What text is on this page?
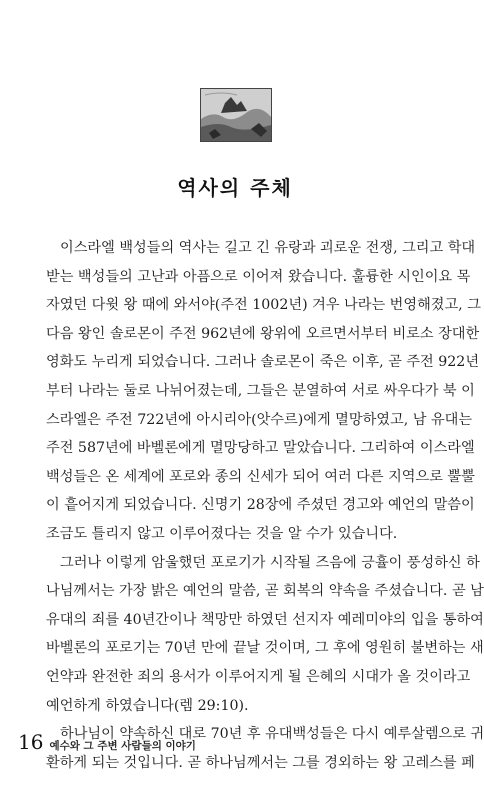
역사의 주체
이스라엘 백성들의 역사는 길고 긴 유랑과 괴로운 전쟁, 그리고 학대
받는 백성들의 고난과 아픔으로 이어져 왔습니다. 훌륭한 시인이요 목
자였던 다윗 왕 때에 와서야(주전 1002년) 겨우 나라는 번영해졌고, 그
다음 왕인 솔로몬이 주전 962년에 왕위에 오르면서부터 비로소 장대한
영화도 누리게 되었습니다. 그러나 솔로몬이 죽은 이후, 곧 주전 922년
부터 나라는 둘로 나뉘어졌는데, 그들은 분열하여 서로 싸우다가 북 이
스라엘은 주전 722년에 아시리아(앗수르)에게 멸망하였고, 남 유대는
주전 587년에 바벨론에게 멸망당하고 말았습니다. 그리하여 이스라엘
백성들은 온 세계에 포로와 종의 신세가 되어 여러 다른 지역으로 뿔뿔
이 흩어지게 되었습니다. 신명기 28장에 주셨던 경고와 예언의 말씀이
조금도 틀리지 않고 이루어졌다는 것을 알 수가 있습니다.
그러나 이렇게 암울했던 포로기가 시작될 즈음에 긍휼이 풍성하신 하
나님께서는 가장 밝은 예언의 말씀, 곧 회복의 약속을 주셨습니다. 곧 남
유대의 죄를 40년간이나 책망만 하였던 선지자 예레미야의 입을 통하여
바벨론의 포로기는 70년 만에 끝날 것이며, 그 후에 영원히 불변하는 새
언약과 완전한 죄의 용서가 이루어지게 될 은혜의 시대가 올 것이라고
예언하게 하였습니다(렘 29:10).
하나님이 약속하신 대로 70년 후 유대백성들은 다시 예루살렘으로 귀
환하게 되는 것입니다. 곧 하나님께서는 그를 경외하는 왕 고레스를 페
16 예수와 그 주변 사람들의 이야기
